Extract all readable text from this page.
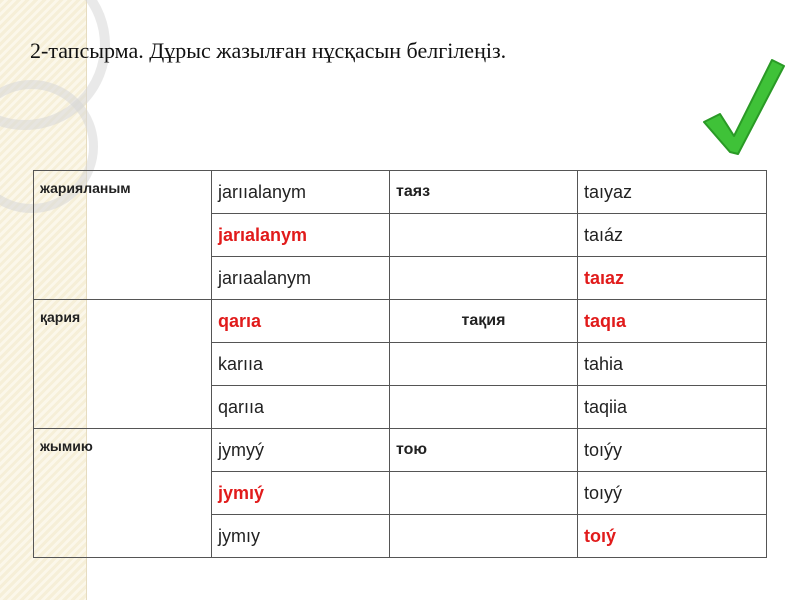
2-тапсырма. Дұрыс жазылған нұсқасын белгілеңіз.
жарияланым	jarııalanym	таяз	taıyaz
	jarıalanym		taıáz
	jarıaalanym		taıaz
қария	qarıa	тақия	taqıa
	karııa		tahia
	qarııa		taqiia
жымию	jymyý	тою	toıýy
	jymıý		toıyý
	jymıy		toıý
